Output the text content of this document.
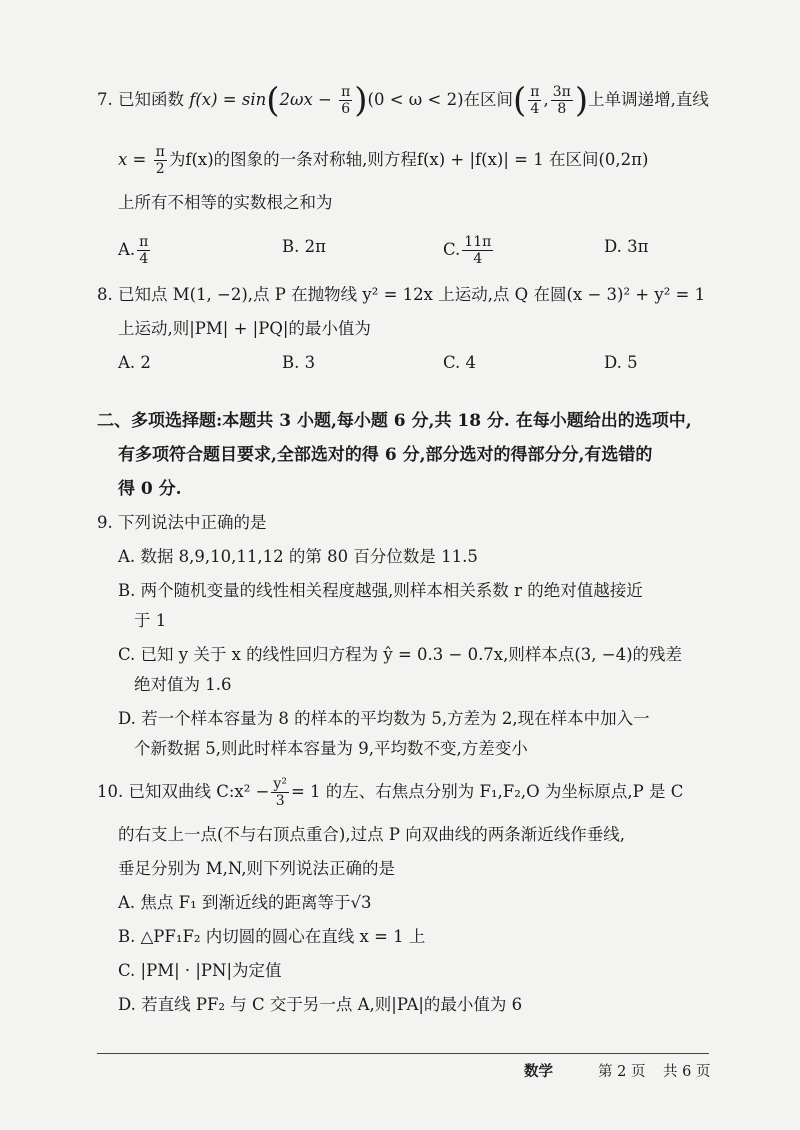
7. 已知函数 $f(x) = \sin(2\omega x - \frac{\pi}{6} )(0 < \omega < 2)$在区间( $\frac{\pi}{4}$ , $\frac{3\pi}{8}$ )上单调递增,直线
$x = \frac{\pi}{2}$ 为f(x)的图象的一条对称轴,则方程f(x) + |f(x)| = 1 在区间(0,2π)
上所有不相等的实数根之和为
A. $\frac{\pi}{4}$	B. 2π	C. $\frac{11\pi}{4}$	D. 3π
8. 已知点 M(1, −2),点 P 在抛物线 y² = 12x 上运动,点 Q 在圆(x − 3)² + y² = 1
上运动,则|PM| + |PQ|的最小值为
A. 2	B. 3	C. 4	D. 5
二、多项选择题:本题共 3 小题,每小题 6 分,共 18 分. 在每小题给出的选项中,
有多项符合题目要求,全部选对的得 6 分,部分选对的得部分分,有选错的
得 0 分.
9. 下列说法中正确的是
A. 数据 8,9,10,11,12 的第 80 百分位数是 11.5
B. 两个随机变量的线性相关程度越强,则样本相关系数 r 的绝对值越接近
于 1
C. 已知 y 关于 x 的线性回归方程为 ŷ = 0.3 − 0.7x,则样本点(3, −4)的残差
绝对值为 1.6
D. 若一个样本容量为 8 的样本的平均数为 5,方差为 2,现在样本中加入一
个新数据 5,则此时样本容量为 9,平均数不变,方差变小
10. 已知双曲线 C:x² − $\frac{\text{y²}}{3} = 1$ 的左、右焦点分别为 F₁,F₂,O 为坐标原点,P 是 C
的右支上一点(不与右顶点重合),过点 P 向双曲线的两条渐近线作垂线,
垂足分别为 M,N,则下列说法正确的是
A. 焦点 F₁ 到渐近线的距离等于√3
B. △PF₁F₂ 内切圆的圆心在直线 x = 1 上
C. |PM| · |PN|为定值
D. 若直线 PF₂ 与 C 交于另一点 A,则|PA|的最小值为 6
数学	第 2 页 共 6 页
